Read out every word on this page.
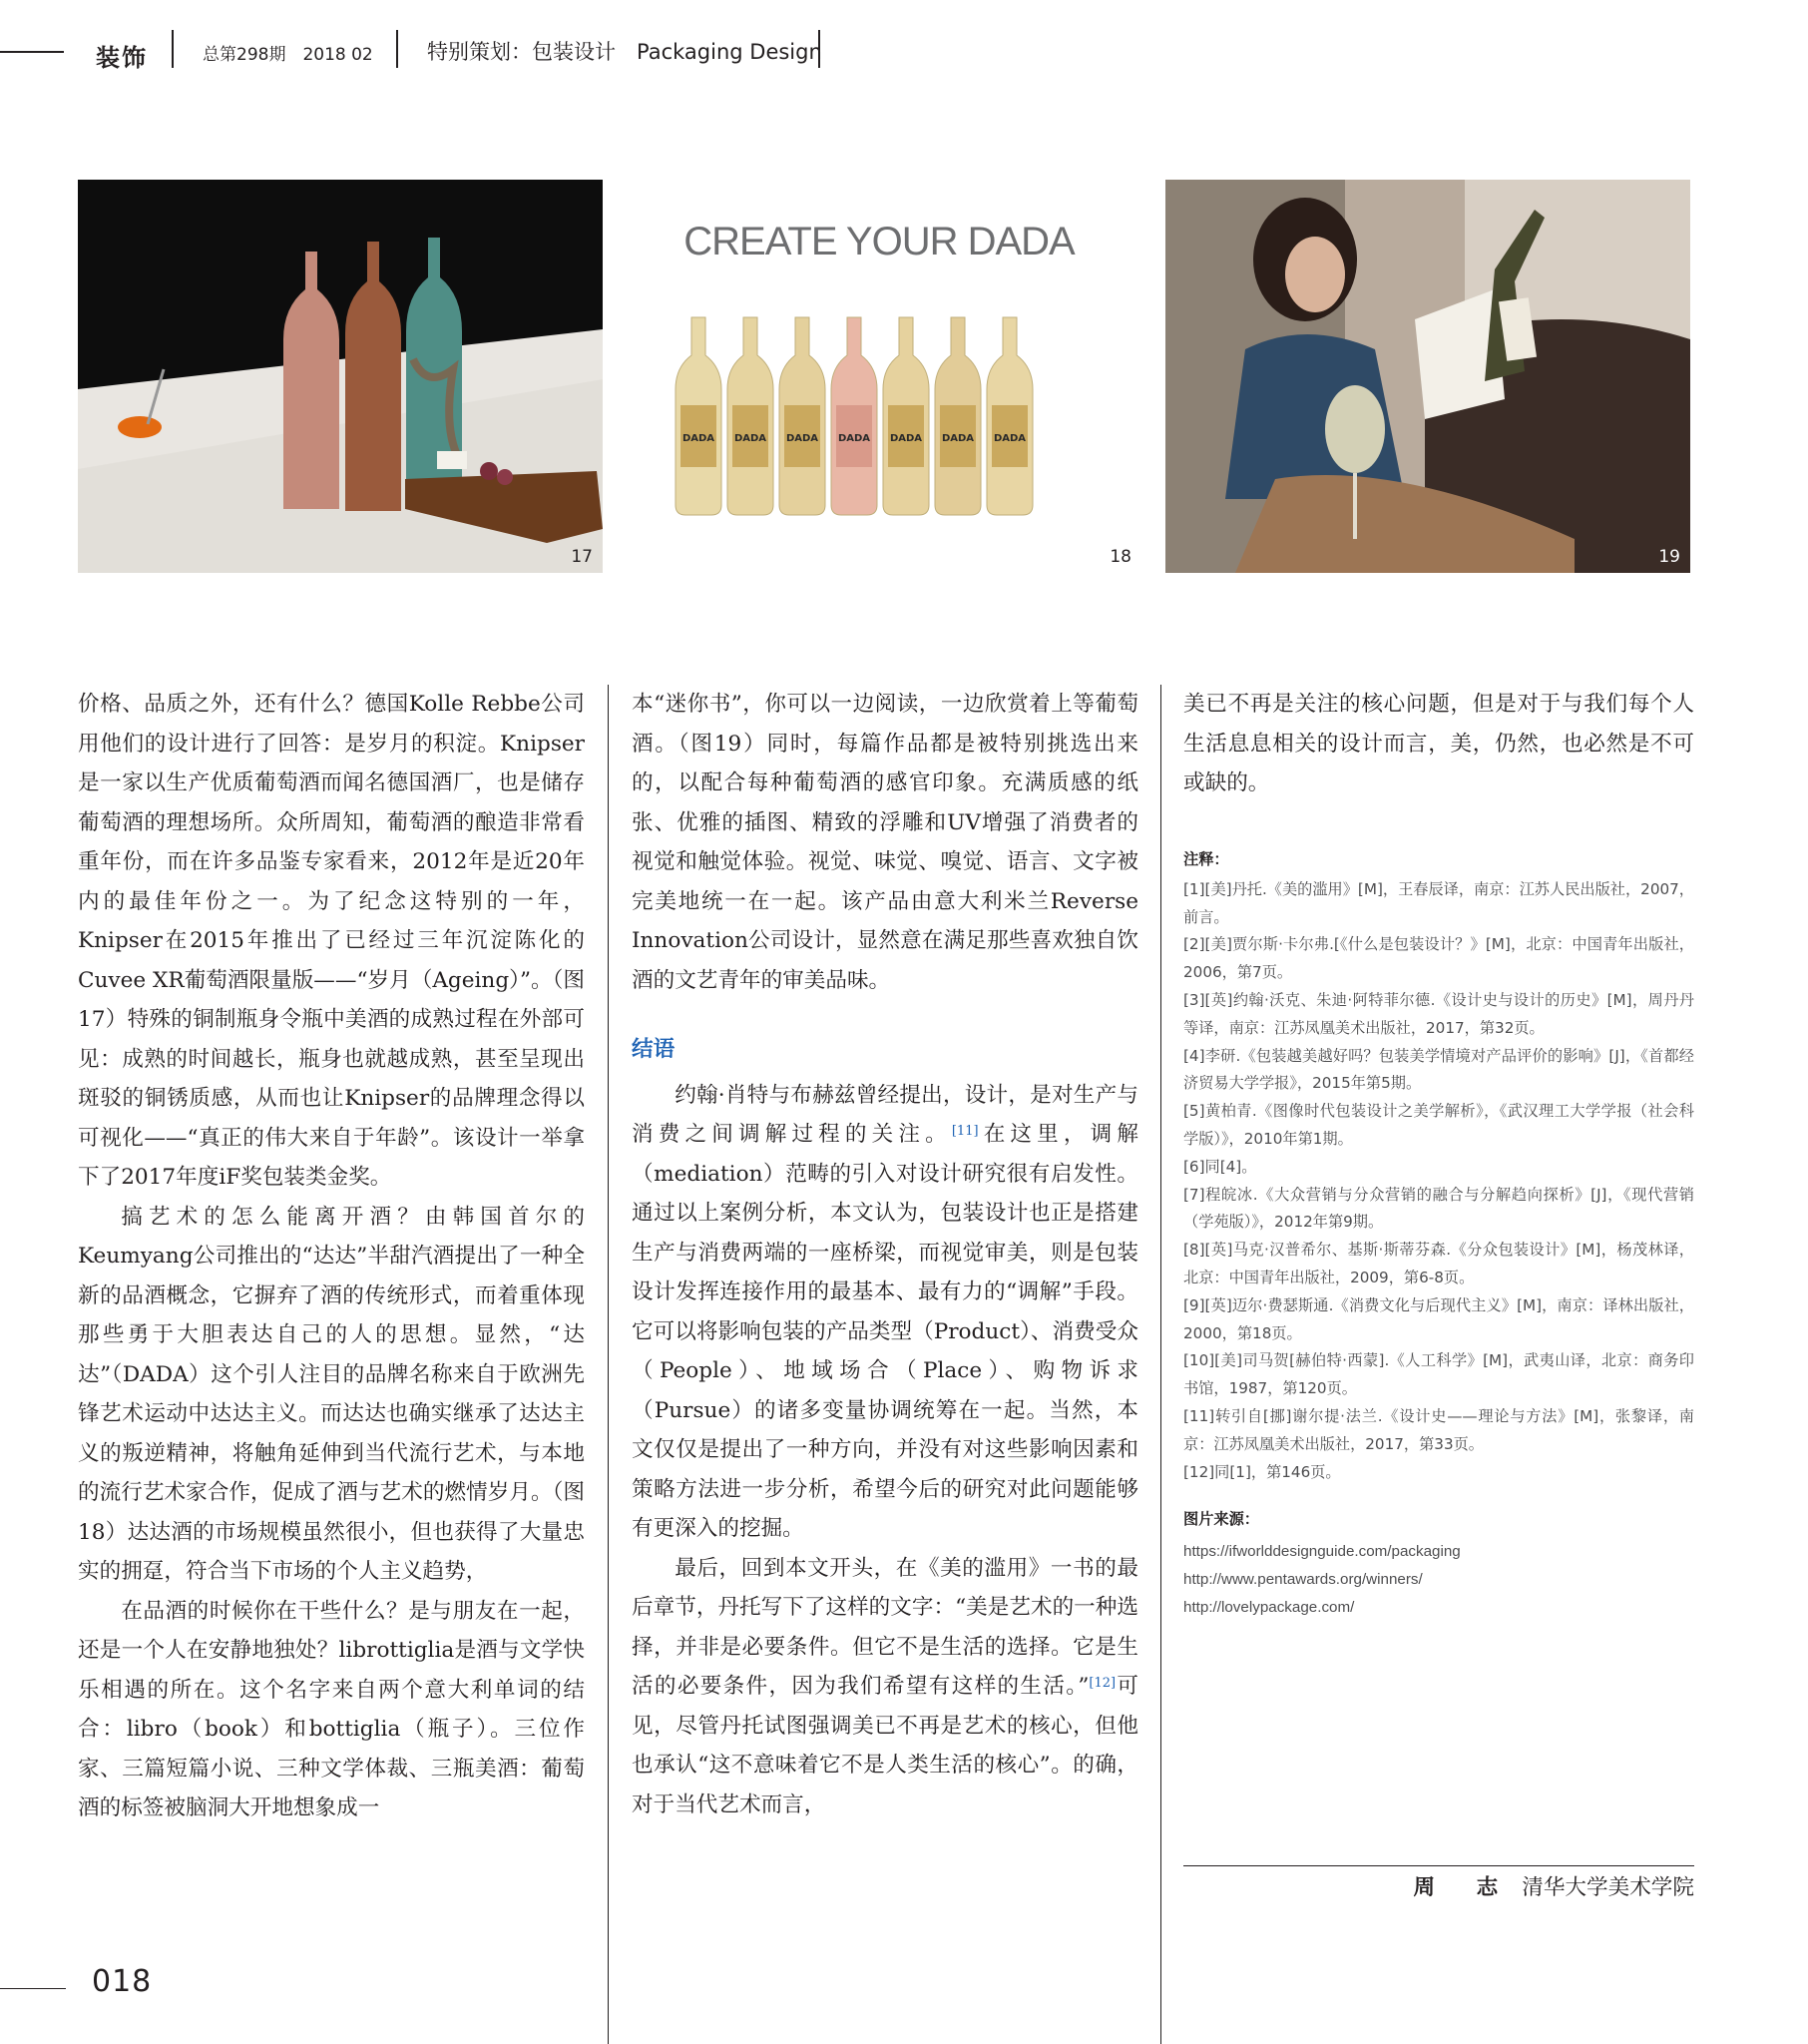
装饰	总第298期　2018 02	特别策划：包装设计　Packaging Design
17
CREATE YOUR DADA
DADA DADA DADA DADA DADA DADA DADA
18	19

价格、品质之外，还有什么？德国Kolle Rebbe公司用他们的设计进行了回答：是岁月的积淀。Knipser是一家以生产优质葡萄酒而闻名德国酒厂，也是储存葡萄酒的理想场所。众所周知，葡萄酒的酿造非常看重年份，而在许多品鉴专家看来，2012年是近20年内的最佳年份之一。为了纪念这特别的一年，Knipser在2015年推出了已经过三年沉淀陈化的Cuvee XR葡萄酒限量版——“岁月（Ageing）”。（图17）特殊的铜制瓶身令瓶中美酒的成熟过程在外部可见：成熟的时间越长，瓶身也就越成熟，甚至呈现出斑驳的铜锈质感，从而也让Knipser的品牌理念得以可视化——“真正的伟大来自于年龄”。该设计一举拿下了2017年度iF奖包装类金奖。

搞艺术的怎么能离开酒？由韩国首尔的Keumyang公司推出的“达达”半甜汽酒提出了一种全新的品酒概念，它摒弃了酒的传统形式，而着重体现那些勇于大胆表达自己的人的思想。显然，“达达”（DADA）这个引人注目的品牌名称来自于欧洲先锋艺术运动中达达主义。而达达也确实继承了达达主义的叛逆精神，将触角延伸到当代流行艺术，与本地的流行艺术家合作，促成了酒与艺术的燃情岁月。（图18）达达酒的市场规模虽然很小，但也获得了大量忠实的拥趸，符合当下市场的个人主义趋势，

在品酒的时候你在干些什么？是与朋友在一起，还是一个人在安静地独处？librottiglia是酒与文学快乐相遇的所在。这个名字来自两个意大利单词的结合：libro（book）和bottiglia（瓶子）。三位作家、三篇短篇小说、三种文学体裁、三瓶美酒：葡萄酒的标签被脑洞大开地想象成一

本“迷你书”，你可以一边阅读，一边欣赏着上等葡萄酒。（图19）同时，每篇作品都是被特别挑选出来的，以配合每种葡萄酒的感官印象。充满质感的纸张、优雅的插图、精致的浮雕和UV增强了消费者的视觉和触觉体验。视觉、味觉、嗅觉、语言、文字被完美地统一在一起。该产品由意大利米兰Reverse Innovation公司设计，显然意在满足那些喜欢独自饮酒的文艺青年的审美品味。

结语

约翰·肖特与布赫兹曾经提出，设计，是对生产与消费之间调解过程的关注。[11]在这里，调解（mediation）范畴的引入对设计研究很有启发性。通过以上案例分析，本文认为，包装设计也正是搭建生产与消费两端的一座桥梁，而视觉审美，则是包装设计发挥连接作用的最基本、最有力的“调解”手段。它可以将影响包装的产品类型（Product）、消费受众（People）、地域场合（Place）、购物诉求（Pursue）的诸多变量协调统筹在一起。当然，本文仅仅是提出了一种方向，并没有对这些影响因素和策略方法进一步分析，希望今后的研究对此问题能够有更深入的挖掘。

最后，回到本文开头，在《美的滥用》一书的最后章节，丹托写下了这样的文字：“美是艺术的一种选择，并非是必要条件。但它不是生活的选择。它是生活的必要条件，因为我们希望有这样的生活。”[12]可见，尽管丹托试图强调美已不再是艺术的核心，但他也承认“这不意味着它不是人类生活的核心”。的确，对于当代艺术而言，

美已不再是关注的核心问题，但是对于与我们每个人生活息息相关的设计而言，美，仍然，也必然是不可或缺的。

注释：
[1][美]丹托.《美的滥用》[M]，王春辰译，南京：江苏人民出版社，2007，前言。
[2][美]贾尔斯·卡尔弗.[《什么是包装设计？》[M]，北京：中国青年出版社，2006，第7页。
[3][英]约翰·沃克、朱迪·阿特菲尔德.《设计史与设计的历史》[M]，周丹丹等译，南京：江苏凤凰美术出版社，2017，第32页。
[4]李研.《包装越美越好吗？包装美学情境对产品评价的影响》[J]，《首都经济贸易大学学报》，2015年第5期。
[5]黄柏青.《图像时代包装设计之美学解析》，《武汉理工大学学报（社会科学版）》，2010年第1期。
[6]同[4]。
[7]程皖冰.《大众营销与分众营销的融合与分解趋向探析》[J]，《现代营销（学苑版）》，2012年第9期。
[8][英]马克·汉普希尔、基斯·斯蒂芬森.《分众包装设计》[M]，杨茂林译，北京：中国青年出版社，2009，第6-8页。
[9][英]迈尔·费瑟斯通.《消费文化与后现代主义》[M]，南京：译林出版社，2000，第18页。
[10][美]司马贺[赫伯特·西蒙].《人工科学》[M]，武夷山译，北京：商务印书馆，1987，第120页。
[11]转引自[挪]谢尔提·法兰.《设计史——理论与方法》[M]，张黎译，南京：江苏凤凰美术出版社，2017，第33页。
[12]同[1]，第146页。
图片来源：
https://ifworlddesignguide.com/packaging
http://www.pentawards.org/winners/
http://lovelypackage.com/
周　志 清华大学美术学院
018
